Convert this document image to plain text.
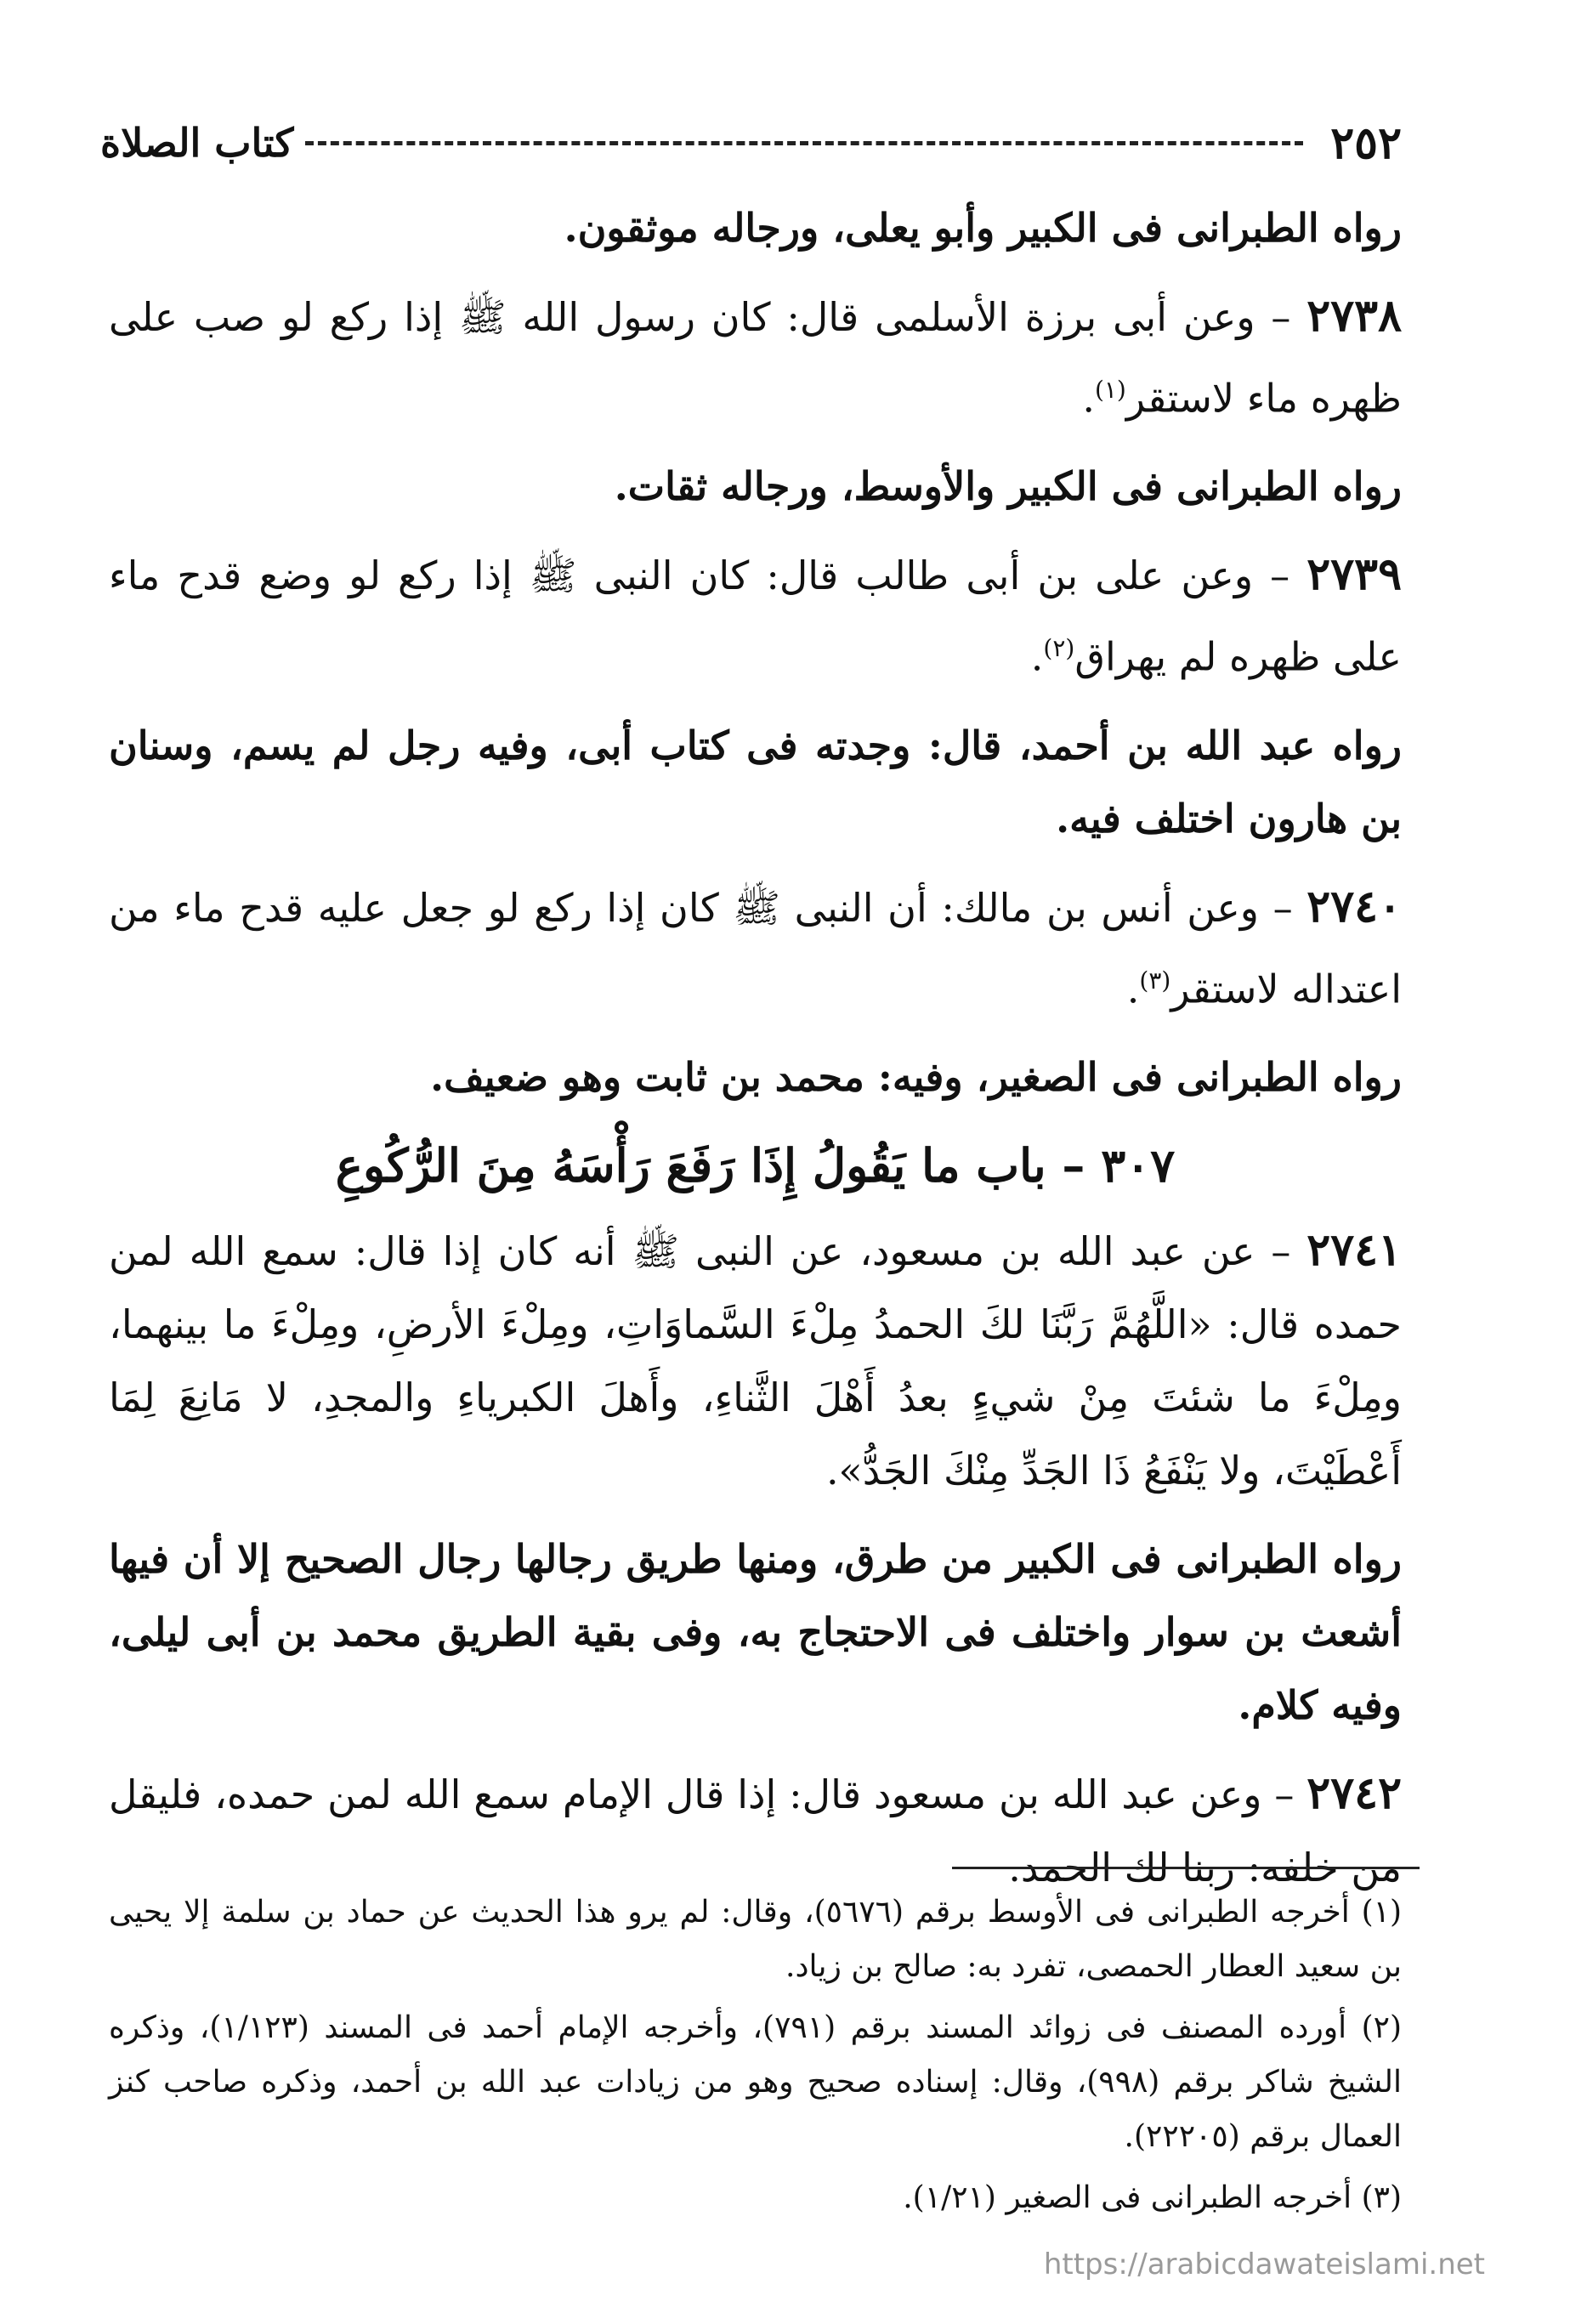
٢٥٢
كتاب الصلاة

رواه الطبرانى فى الكبير وأبو يعلى، ورجاله موثقون.

٢٧٣٨ – وعن أبى برزة الأسلمى قال: كان رسول الله ﷺ إذا ركع لو صب على ظهره ماء لاستقر$^{(١)}$.

رواه الطبرانى فى الكبير والأوسط، ورجاله ثقات.

٢٧٣٩ – وعن على بن أبى طالب قال: كان النبى ﷺ إذا ركع لو وضع قدح ماء على ظهره لم يهراق$^{(٢)}$.

رواه عبد الله بن أحمد، قال: وجدته فى كتاب أبى، وفيه رجل لم يسم، وسنان بن هارون اختلف فيه.

٢٧٤٠ – وعن أنس بن مالك: أن النبى ﷺ كان إذا ركع لو جعل عليه قدح ماء من اعتداله لاستقر$^{(٣)}$.

رواه الطبرانى فى الصغير، وفيه: محمد بن ثابت وهو ضعيف.

٣٠٧ – باب ما يَقُولُ إِذَا رَفَعَ رَأْسَهُ مِنَ الرُّكُوعِ

٢٧٤١ – عن عبد الله بن مسعود، عن النبى ﷺ أنه كان إذا قال: سمع الله لمن حمده قال: «اللَّهُمَّ رَبَّنَا لكَ الحمدُ مِلْءَ السَّماوَاتِ، ومِلْءَ الأرضِ، ومِلْءَ ما بينهما، ومِلْءَ ما شئتَ مِنْ شيءٍ بعدُ أَهْلَ الثَّناءِ، وأَهلَ الكبرياءِ والمجدِ، لا مَانِعَ لِمَا أَعْطَيْتَ، ولا يَنْفَعُ ذَا الجَدِّ مِنْكَ الجَدُّ».

رواه الطبرانى فى الكبير من طرق، ومنها طريق رجالها رجال الصحيح إلا أن فيها أشعث بن سوار واختلف فى الاحتجاج به، وفى بقية الطريق محمد بن أبى ليلى، وفيه كلام.

٢٧٤٢ – وعن عبد الله بن مسعود قال: إذا قال الإمام سمع الله لمن حمده، فليقل من خلفه: ربنا لك الحمد.

(١) أخرجه الطبرانى فى الأوسط برقم (٥٦٧٦)، وقال: لم يرو هذا الحديث عن حماد بن سلمة إلا يحيى بن سعيد العطار الحمصى، تفرد به: صالح بن زياد.

(٢) أورده المصنف فى زوائد المسند برقم (٧٩١)، وأخرجه الإمام أحمد فى المسند (١/١٢٣)، وذكره الشيخ شاكر برقم (٩٩٨)، وقال: إسناده صحيح وهو من زيادات عبد الله بن أحمد، وذكره صاحب كنز العمال برقم (٢٢٢٠٥).

(٣) أخرجه الطبرانى فى الصغير (١/٢١).

https://arabicdawateislami.net
